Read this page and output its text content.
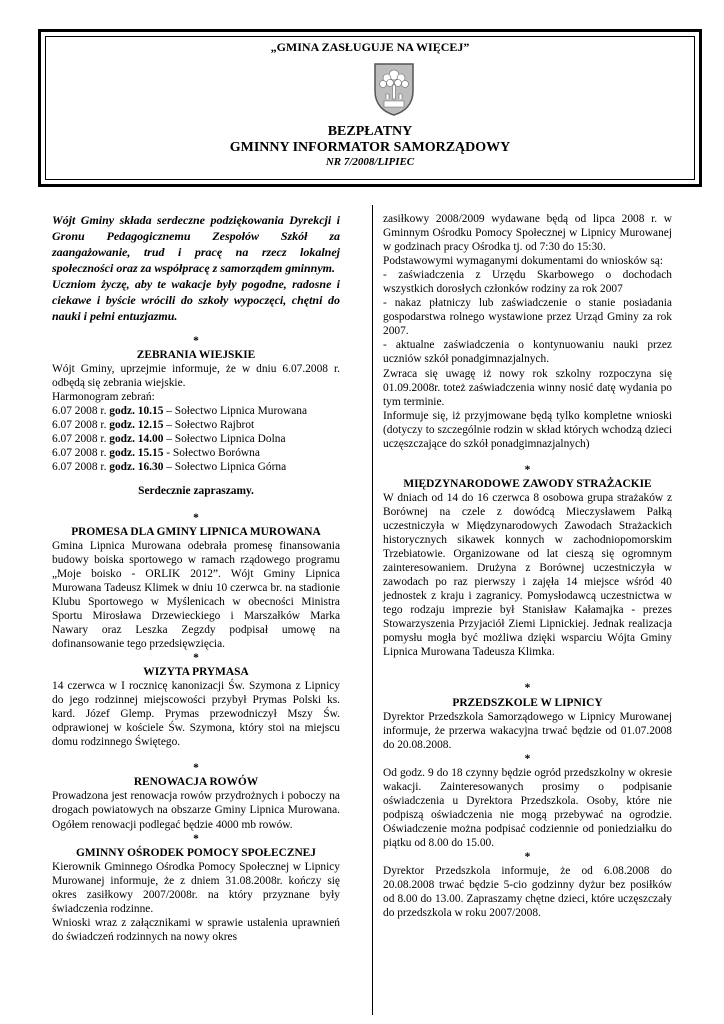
„GMINA ZASŁUGUJE NA WIĘCEJ”
BEZPŁATNY
GMINNY INFORMATOR SAMORZĄDOWY
NR 7/2008/LIPIEC

Wójt Gminy składa serdeczne podziękowania Dyrekcji i Gronu Pedagogicznemu Zespołów Szkół za zaangażowanie, trud i pracę na rzecz lokalnej społeczności oraz za współpracę z samorządem gminnym.

Uczniom życzę, aby te wakacje były pogodne, radosne i ciekawe i byście wrócili do szkoły wypoczęci, chętni do nauki i pełni entuzjazmu.

*
ZEBRANIA WIEJSKIE

Wójt Gminy, uprzejmie informuje, że w dniu 6.07.2008 r. odbędą się zebrania wiejskie.

Harmonogram zebrań:

6.07 2008 r. godz. 10.15 – Sołectwo Lipnica Murowana
6.07 2008 r. godz. 12.15 – Sołectwo Rajbrot
6.07 2008 r. godz. 14.00 – Sołectwo Lipnica Dolna
6.07 2008 r. godz. 15.15 - Sołectwo Borówna
6.07 2008 r. godz. 16.30 – Sołectwo Lipnica Górna
Serdecznie zapraszamy.
*
PROMESA DLA GMINY LIPNICA MUROWANA

Gmina Lipnica Murowana odebrała promesę finansowania budowy boiska sportowego w ramach rządowego programu „Moje boisko - ORLIK 2012”. Wójt Gminy Lipnica Murowana Tadeusz Klimek w dniu 10 czerwca br. na stadionie Klubu Sportowego w Myślenicach w obecności Ministra Sportu Mirosława Drzewieckiego i Marszałków Marka Nawary oraz Leszka Zegzdy podpisał umowę na dofinansowanie tego przedsięwzięcia.

*
WIZYTA PRYMASA

14 czerwca w I rocznicę kanonizacji Św. Szymona z Lipnicy do jego rodzinnej miejscowości przybył Prymas Polski ks. kard. Józef Glemp. Prymas przewodniczył Mszy Św. odprawionej w kościele Św. Szymona, który stoi na miejscu domu rodzinnego Świętego.

*
RENOWACJA ROWÓW

Prowadzona jest renowacja rowów przydrożnych i poboczy na drogach powiatowych na obszarze Gminy Lipnica Murowana. Ogółem renowacji podlegać będzie 4000 mb rowów.

*
GMINNY OŚRODEK POMOCY SPOŁECZNEJ

Kierownik Gminnego Ośrodka Pomocy Społecznej w Lipnicy Murowanej informuje, że z dniem 31.08.2008r. kończy się okres zasiłkowy 2007/2008r. na który przyznane były świadczenia rodzinne.

Wnioski wraz z załącznikami w sprawie ustalenia uprawnień do świadczeń rodzinnych na nowy okres

zasiłkowy 2008/2009 wydawane będą od lipca 2008 r. w Gminnym Ośrodku Pomocy Społecznej w Lipnicy Murowanej w godzinach pracy Ośrodka tj. od 7:30 do 15:30.

Podstawowymi wymaganymi dokumentami do wniosków są:

- zaświadczenia z Urzędu Skarbowego o dochodach wszystkich dorosłych członków rodziny za rok 2007

- nakaz płatniczy lub zaświadczenie o stanie posiadania gospodarstwa rolnego wystawione przez Urząd Gminy za rok 2007.

- aktualne zaświadczenia o kontynuowaniu nauki przez uczniów szkół ponadgimnazjalnych.

Zwraca się uwagę iż nowy rok szkolny rozpoczyna się 01.09.2008r. toteż zaświadczenia winny nosić datę wydania po tym terminie.

Informuje się, iż przyjmowane będą tylko kompletne wnioski (dotyczy to szczególnie rodzin w skład których wchodzą dzieci uczęszczające do szkół ponadgimnazjalnych)

*
MIĘDZYNARODOWE ZAWODY STRAŻACKIE

W dniach od 14 do 16 czerwca 8 osobowa grupa strażaków z Borównej na czele z dowódcą Mieczysławem Pałką uczestniczyła w Międzynarodowych Zawodach Strażackich historycznych sikawek konnych w zachodniopomorskim Trzebiatowie. Organizowane od lat cieszą się ogromnym zainteresowaniem. Drużyna z Borównej uczestniczyła w zawodach po raz pierwszy i zajęła 14 miejsce wśród 40 jednostek z kraju i zagranicy. Pomysłodawcą uczestnictwa w tego rodzaju imprezie był Stanisław Kałamajka - prezes Stowarzyszenia Przyjaciół Ziemi Lipnickiej. Jednak realizacja pomysłu mogła być możliwa dzięki wsparciu Wójta Gminy Lipnica Murowana Tadeusza Klimka.

*
PRZEDSZKOLE W LIPNICY

Dyrektor Przedszkola Samorządowego w Lipnicy Murowanej informuje, że przerwa wakacyjna trwać będzie od 01.07.2008 do 20.08.2008.

*

Od godz. 9 do 18 czynny będzie ogród przedszkolny w okresie wakacji. Zainteresowanych prosimy o podpisanie oświadczenia u Dyrektora Przedszkola. Osoby, które nie podpiszą oświadczenia nie mogą przebywać na ogrodzie. Oświadczenie można podpisać codziennie od poniedziałku do piątku od 8.00 do 15.00.

*

Dyrektor Przedszkola informuje, że od 6.08.2008 do 20.08.2008 trwać będzie 5-cio godzinny dyżur bez posiłków od 8.00 do 13.00. Zapraszamy chętne dzieci, które uczęszczały do przedszkola w roku 2007/2008.
